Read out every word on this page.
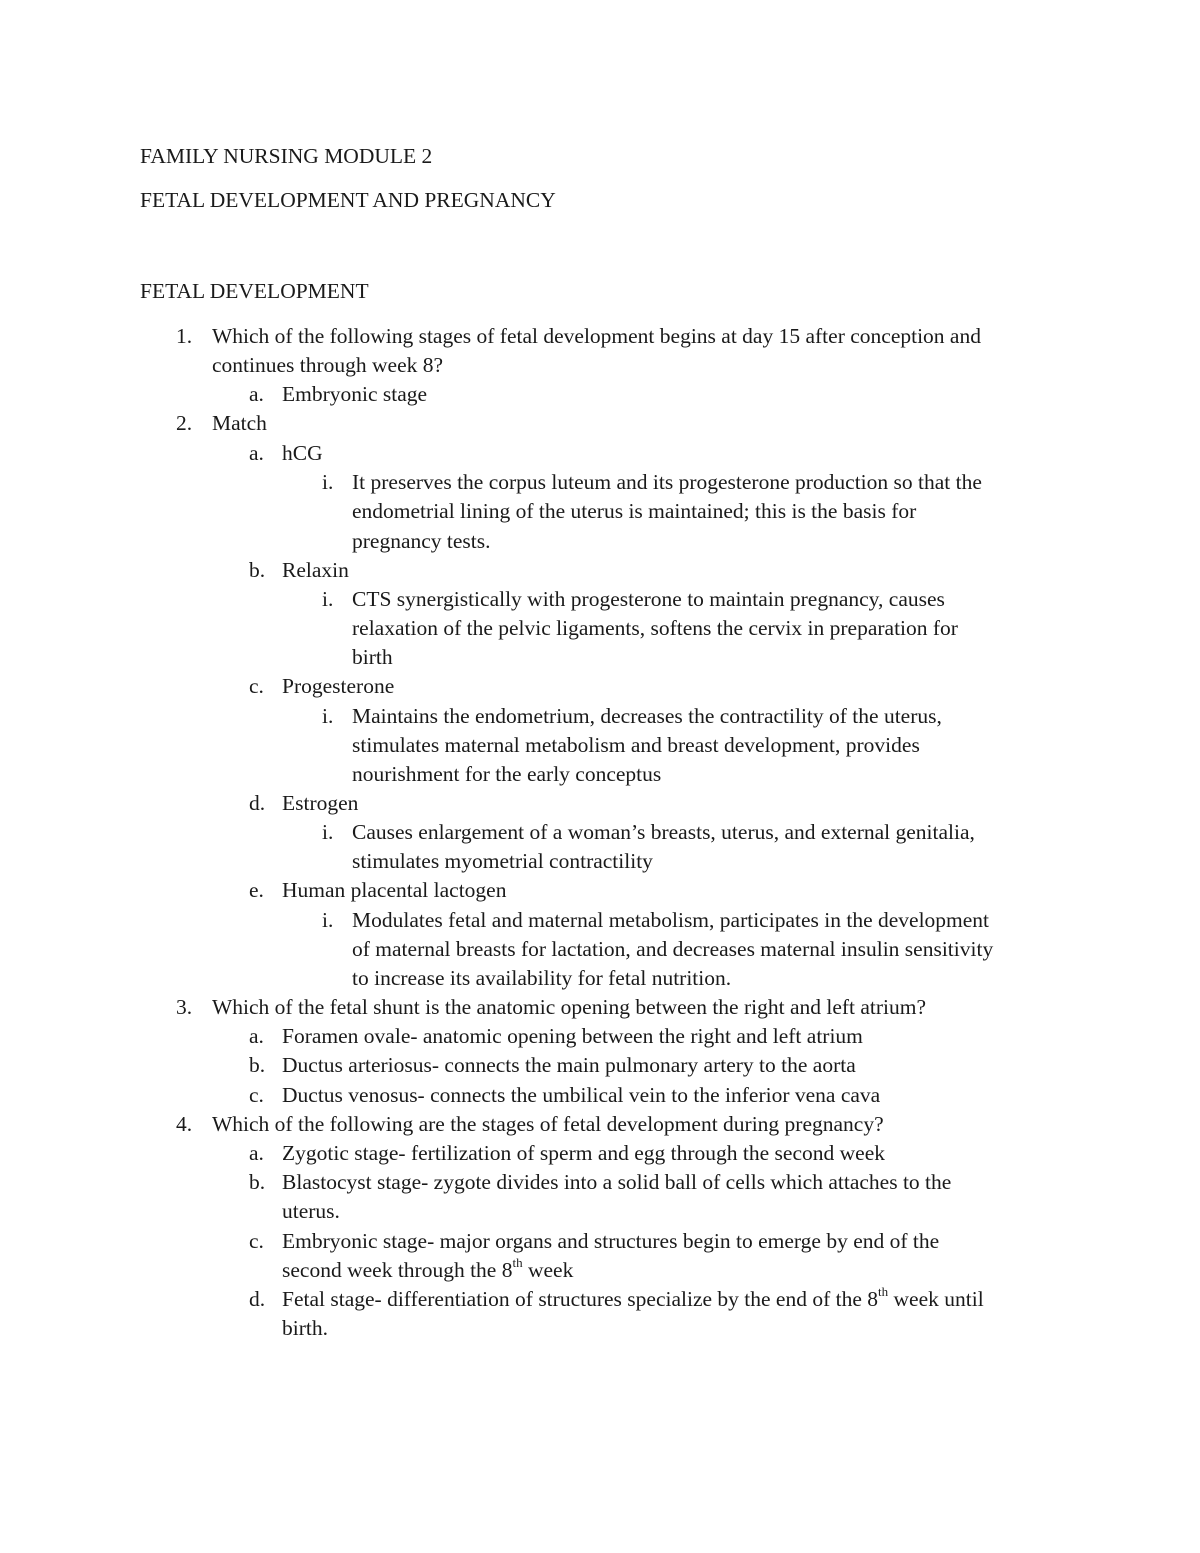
FAMILY NURSING MODULE 2
FETAL DEVELOPMENT AND PREGNANCY
FETAL DEVELOPMENT
1. Which of the following stages of fetal development begins at day 15 after conception and
continues through week 8?
a. Embryonic stage
2. Match
a. hCG
i. It preserves the corpus luteum and its progesterone production so that the
endometrial lining of the uterus is maintained; this is the basis for
pregnancy tests.
b. Relaxin
i. CTS synergistically with progesterone to maintain pregnancy, causes
relaxation of the pelvic ligaments, softens the cervix in preparation for
birth
c. Progesterone
i. Maintains the endometrium, decreases the contractility of the uterus,
stimulates maternal metabolism and breast development, provides
nourishment for the early conceptus
d. Estrogen
i. Causes enlargement of a woman’s breasts, uterus, and external genitalia,
stimulates myometrial contractility
e. Human placental lactogen
i. Modulates fetal and maternal metabolism, participates in the development
of maternal breasts for lactation, and decreases maternal insulin sensitivity
to increase its availability for fetal nutrition.
3. Which of the fetal shunt is the anatomic opening between the right and left atrium?
a. Foramen ovale- anatomic opening between the right and left atrium
b. Ductus arteriosus- connects the main pulmonary artery to the aorta
c. Ductus venosus- connects the umbilical vein to the inferior vena cava
4. Which of the following are the stages of fetal development during pregnancy?
a. Zygotic stage- fertilization of sperm and egg through the second week
b. Blastocyst stage- zygote divides into a solid ball of cells which attaches to the
uterus.
c. Embryonic stage- major organs and structures begin to emerge by end of the
second week through the 8th week
d. Fetal stage- differentiation of structures specialize by the end of the 8th week until
birth.
